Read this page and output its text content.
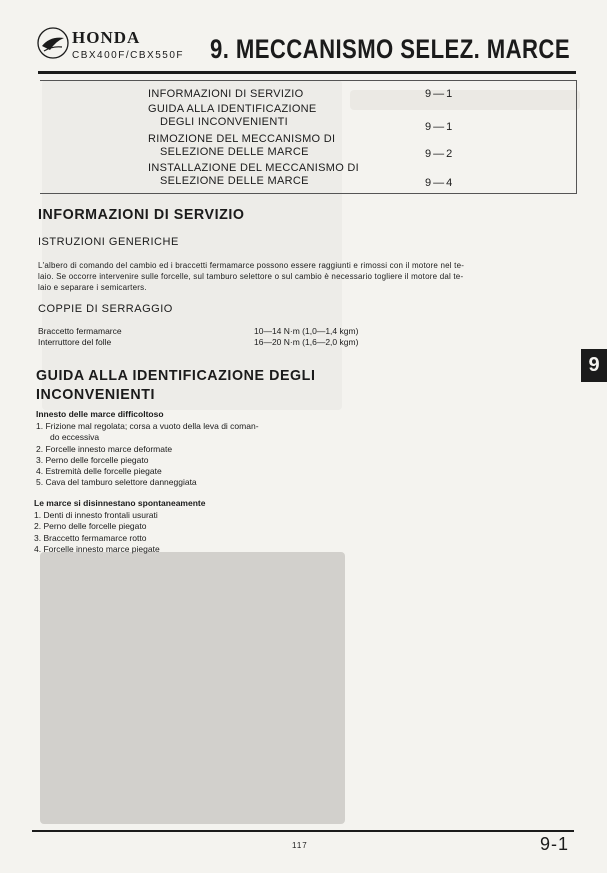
HONDA
CBX400F/CBX550F 9. MECCANISMO SELEZ. MARCE
INFORMAZIONI DI SERVIZIO	9—1
GUIDA ALLA IDENTIFICAZIONE
DEGLI INCONVENIENTI	9—1
RIMOZIONE DEL MECCANISMO DI
SELEZIONE DELLE MARCE	9—2
INSTALLAZIONE DEL MECCANISMO DI
SELEZIONE DELLE MARCE	9—4
INFORMAZIONI DI SERVIZIO
ISTRUZIONI GENERICHE
L'albero di comando del cambio ed i braccetti fermamarce possono essere raggiunti e rimossi con il motore nel te-
laio. Se occorre intervenire sulle forcelle, sul tamburo selettore o sul cambio è necessario togliere il motore dal te-
laio e separare i semicarters.
COPPIE DI SERRAGGIO
Braccetto fermamarce	10—14 N·m (1,0—1,4 kgm)
Interruttore del folle	16—20 N·m (1,6—2,0 kgm)
GUIDA ALLA IDENTIFICAZIONE DEGLI
INCONVENIENTI
Innesto delle marce difficoltoso
1. Frizione mal regolata; corsa a vuoto della leva di coman-
do eccessiva
2. Forcelle innesto marce deformate
3. Perno delle forcelle piegato
4. Estremità delle forcelle piegate
5. Cava del tamburo selettore danneggiata
Le marce si disinnestano spontaneamente
1. Denti di innesto frontali usurati
2. Perno delle forcelle piegato
3. Braccetto fermamarce rotto
4. Forcelle innesto marce piegate
9
117	9-1
